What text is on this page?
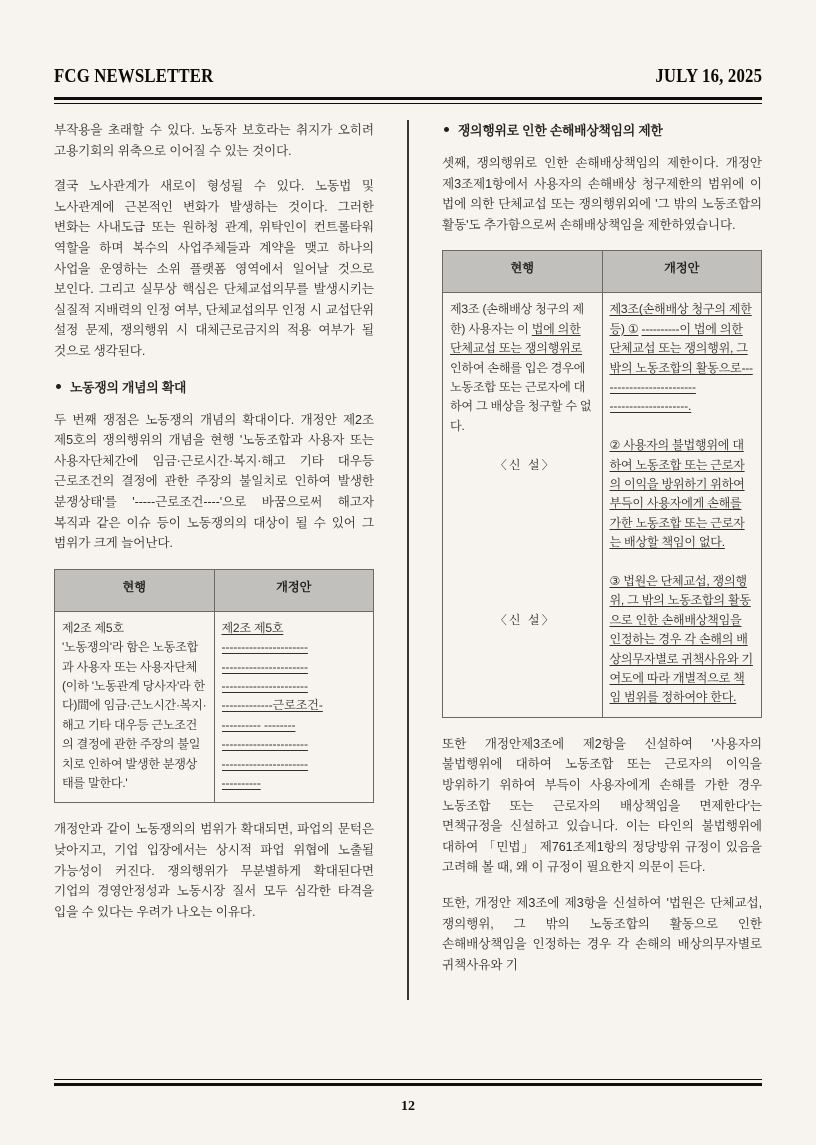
FCG NEWSLETTER	JULY 16, 2025

부작용을 초래할 수 있다. 노동자 보호라는 취지가 오히려 고용기회의 위축으로 이어질 수 있는 것이다.

결국 노사관계가 새로이 형성될 수 있다. 노동법 및 노사관계에 근본적인 변화가 발생하는 것이다. 그러한 변화는 사내도급 또는 원하청 관계, 위탁인이 컨트롤타워 역할을 하며 복수의 사업주체들과 계약을 맺고 하나의 사업을 운영하는 소위 플랫폼 영역에서 일어날 것으로 보인다. 그리고 실무상 핵심은 단체교섭의무를 발생시키는 실질적 지배력의 인정 여부, 단체교섭의무 인정 시 교섭단위 설정 문제, 쟁의행위 시 대체근로금지의 적용 여부가 될 것으로 생각된다.

노동쟁의 개념의 확대

두 번째 쟁점은 노동쟁의 개념의 확대이다. 개정안 제2조 제5호의 쟁의행위의 개념을 현행 '노동조합과 사용자 또는 사용자단체간에 임금·근로시간·복지·해고 기타 대우등 근로조건의 결정에 관한 주장의 불일치로 인하여 발생한 분쟁상태'를 '-----근로조건----'으로 바꿈으로써 해고자 복직과 같은 이슈 등이 노동쟁의의 대상이 될 수 있어 그 범위가 크게 늘어난다.

현행	개정안
제2조 제5호
'노동쟁의'라 함은 노동조합과 사용자 또는 사용자단체(이하 '노동관계 당사자'라 한다)間에 임금·근노시간·복지·해고 기타 대우등 근노조건의 결정에 관한 주장의 불일치로 인하여 발생한 분쟁상태를 말한다.'	제2조 제5호
----------------------
----------------------
----------------------
-------------근로조건-
---------- --------
----------------------
----------------------
----------

개정안과 같이 노동쟁의의 범위가 확대되면, 파업의 문턱은 낮아지고, 기업 입장에서는 상시적 파업 위협에 노출될 가능성이 커진다. 쟁의행위가 무분별하게 확대된다면 기업의 경영안정성과 노동시장 질서 모두 심각한 타격을 입을 수 있다는 우려가 나오는 이유다.

쟁의행위로 인한 손해배상책임의 제한

셋째, 쟁의행위로 인한 손해배상책임의 제한이다. 개정안 제3조제1항에서 사용자의 손해배상 청구제한의 범위에 이 법에 의한 단체교섭 또는 쟁의행위외에 '그 밖의 노동조합의 활동'도 추가함으로써 손해배상책임을 제한하였습니다.

현행	개정안
제3조 (손해배상 청구의 제한) 사용자는 이 법에 의한 단체교섭 또는 쟁의행위로 인하여 손해를 입은 경우에 노동조합 또는 근로자에 대하여 그 배상을 청구할 수 없다.
〈신 설〉
〈신 설〉
	제3조(손해배상 청구의 제한 등) ① ----------이 법에 의한 단체교섭 또는 쟁의행위, 그 밖의 노동조합의 활동으로---
----------------------
--------------------.
② 사용자의 불법행위에 대하여 노동조합 또는 근로자의 이익을 방위하기 위하여 부득이 사용자에게 손해를 가한 노동조합 또는 근로자는 배상할 책임이 없다.
③ 법원은 단체교섭, 쟁의행위, 그 밖의 노동조합의 활동으로 인한 손해배상책임을 인정하는 경우 각 손해의 배상의무자별로 귀책사유와 기여도에 따라 개별적으로 책임 범위를 정하여야 한다.

또한 개정안제3조에 제2항을 신설하여 '사용자의 불법행위에 대하여 노동조합 또는 근로자의 이익을 방위하기 위하여 부득이 사용자에게 손해를 가한 경우 노동조합 또는 근로자의 배상책임을 면제한다'는 면책규정을 신설하고 있습니다. 이는 타인의 불법행위에 대하여 「민법」 제761조제1항의 정당방위 규정이 있음을 고려해 볼 때, 왜 이 규정이 필요한지 의문이 든다.

또한, 개정안 제3조에 제3항을 신설하여 '법원은 단체교섭, 쟁의행위, 그 밖의 노동조합의 활동으로 인한 손해배상책임을 인정하는 경우 각 손해의 배상의무자별로 귀책사유와 기

12
